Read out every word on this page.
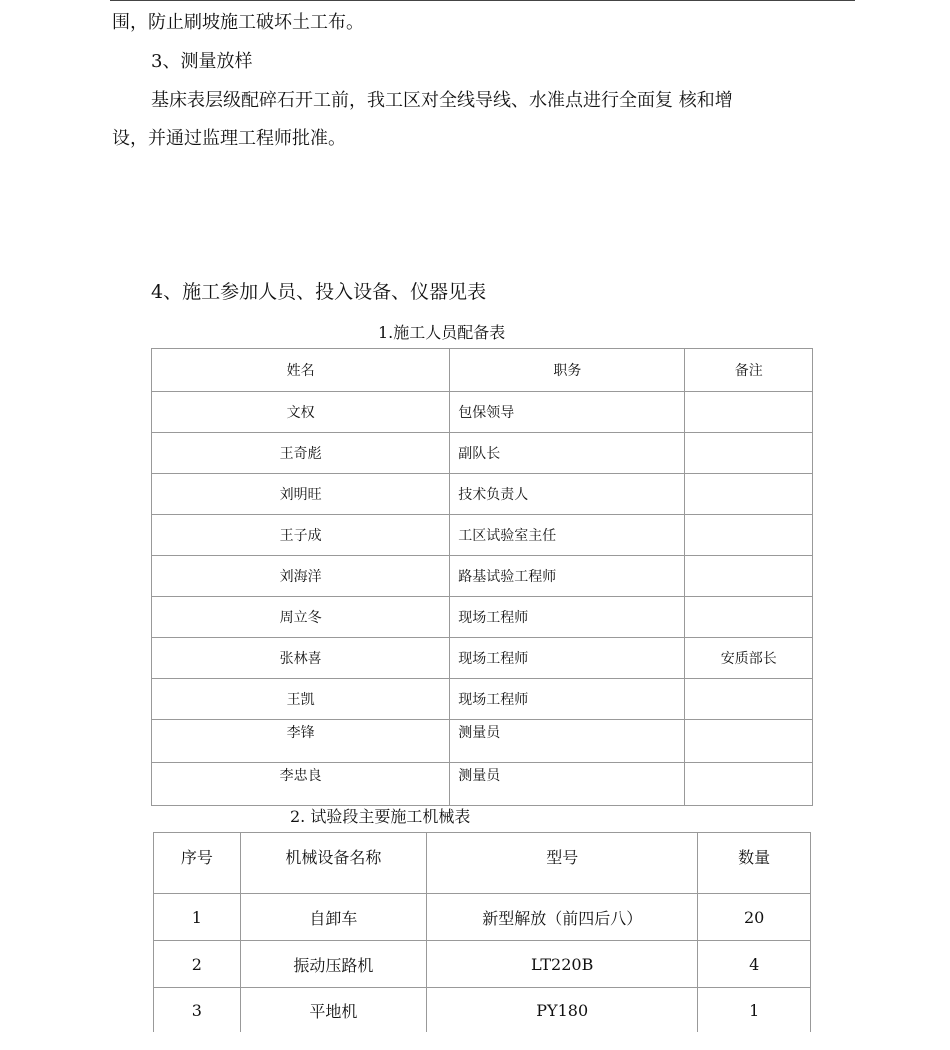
围，防止刷坡施工破坏土工布。
3、测量放样
基床表层级配碎石开工前，我工区对全线导线、水准点进行全面复 核和增
设，并通过监理工程师批准。
4、施工参加人员、投入设备、仪器见表
1.施工人员配备表
姓名	职务	备注
文权	包保领导	
王奇彪	副队长	
刘明旺	技术负责人	
王子成	工区试验室主任	
刘海洋	路基试验工程师	
周立冬	现场工程师	
张林喜	现场工程师	安质部长
王凯	现场工程师	
李锋	测量员	
李忠良	测量员	
2. 试验段主要施工机械表
序号	机械设备名称	型号	数量
1	自卸车	新型解放（前四后八）	20
2	振动压路机	LT220B	4
3	平地机	PY180	1
